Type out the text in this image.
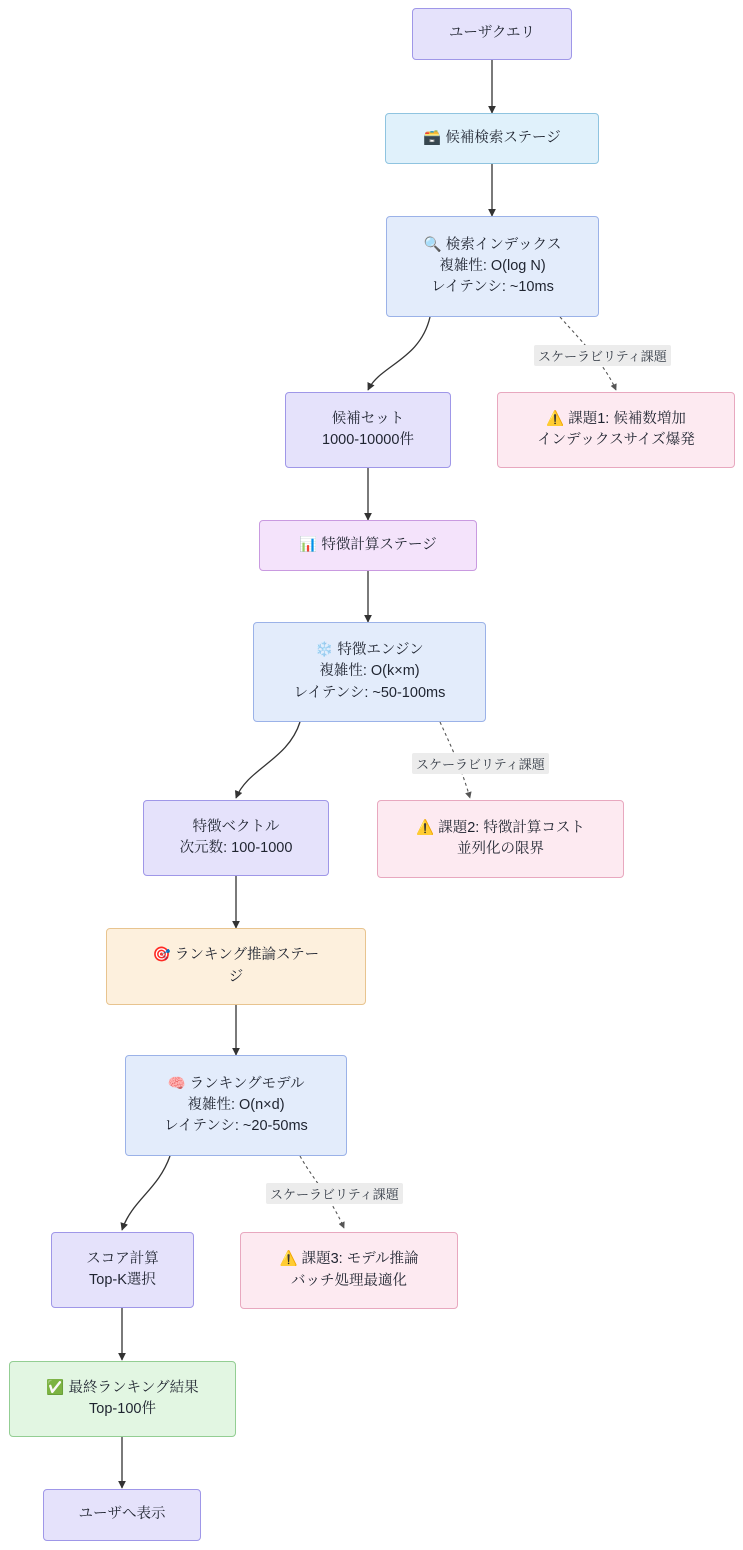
ユーザクエリ
🗃️ 候補検索ステージ
🔍 検索インデックス
複雑性: O(log N)
レイテンシ: ~10ms
候補セット
1000-10000件
⚠️ 課題1: 候補数増加
インデックスサイズ爆発
📊 特徴計算ステージ
❄️ 特徴エンジン
複雑性: O(k×m)
レイテンシ: ~50-100ms
特徴ベクトル
次元数: 100-1000
⚠️ 課題2: 特徴計算コスト
並列化の限界
🎯 ランキング推論ステー
ジ
🧠 ランキングモデル
複雑性: O(n×d)
レイテンシ: ~20-50ms
スコア計算
Top-K選択
⚠️ 課題3: モデル推論
バッチ処理最適化
✅ 最終ランキング結果
Top-100件
ユーザへ表示
スケーラビリティ課題
スケーラビリティ課題
スケーラビリティ課題
